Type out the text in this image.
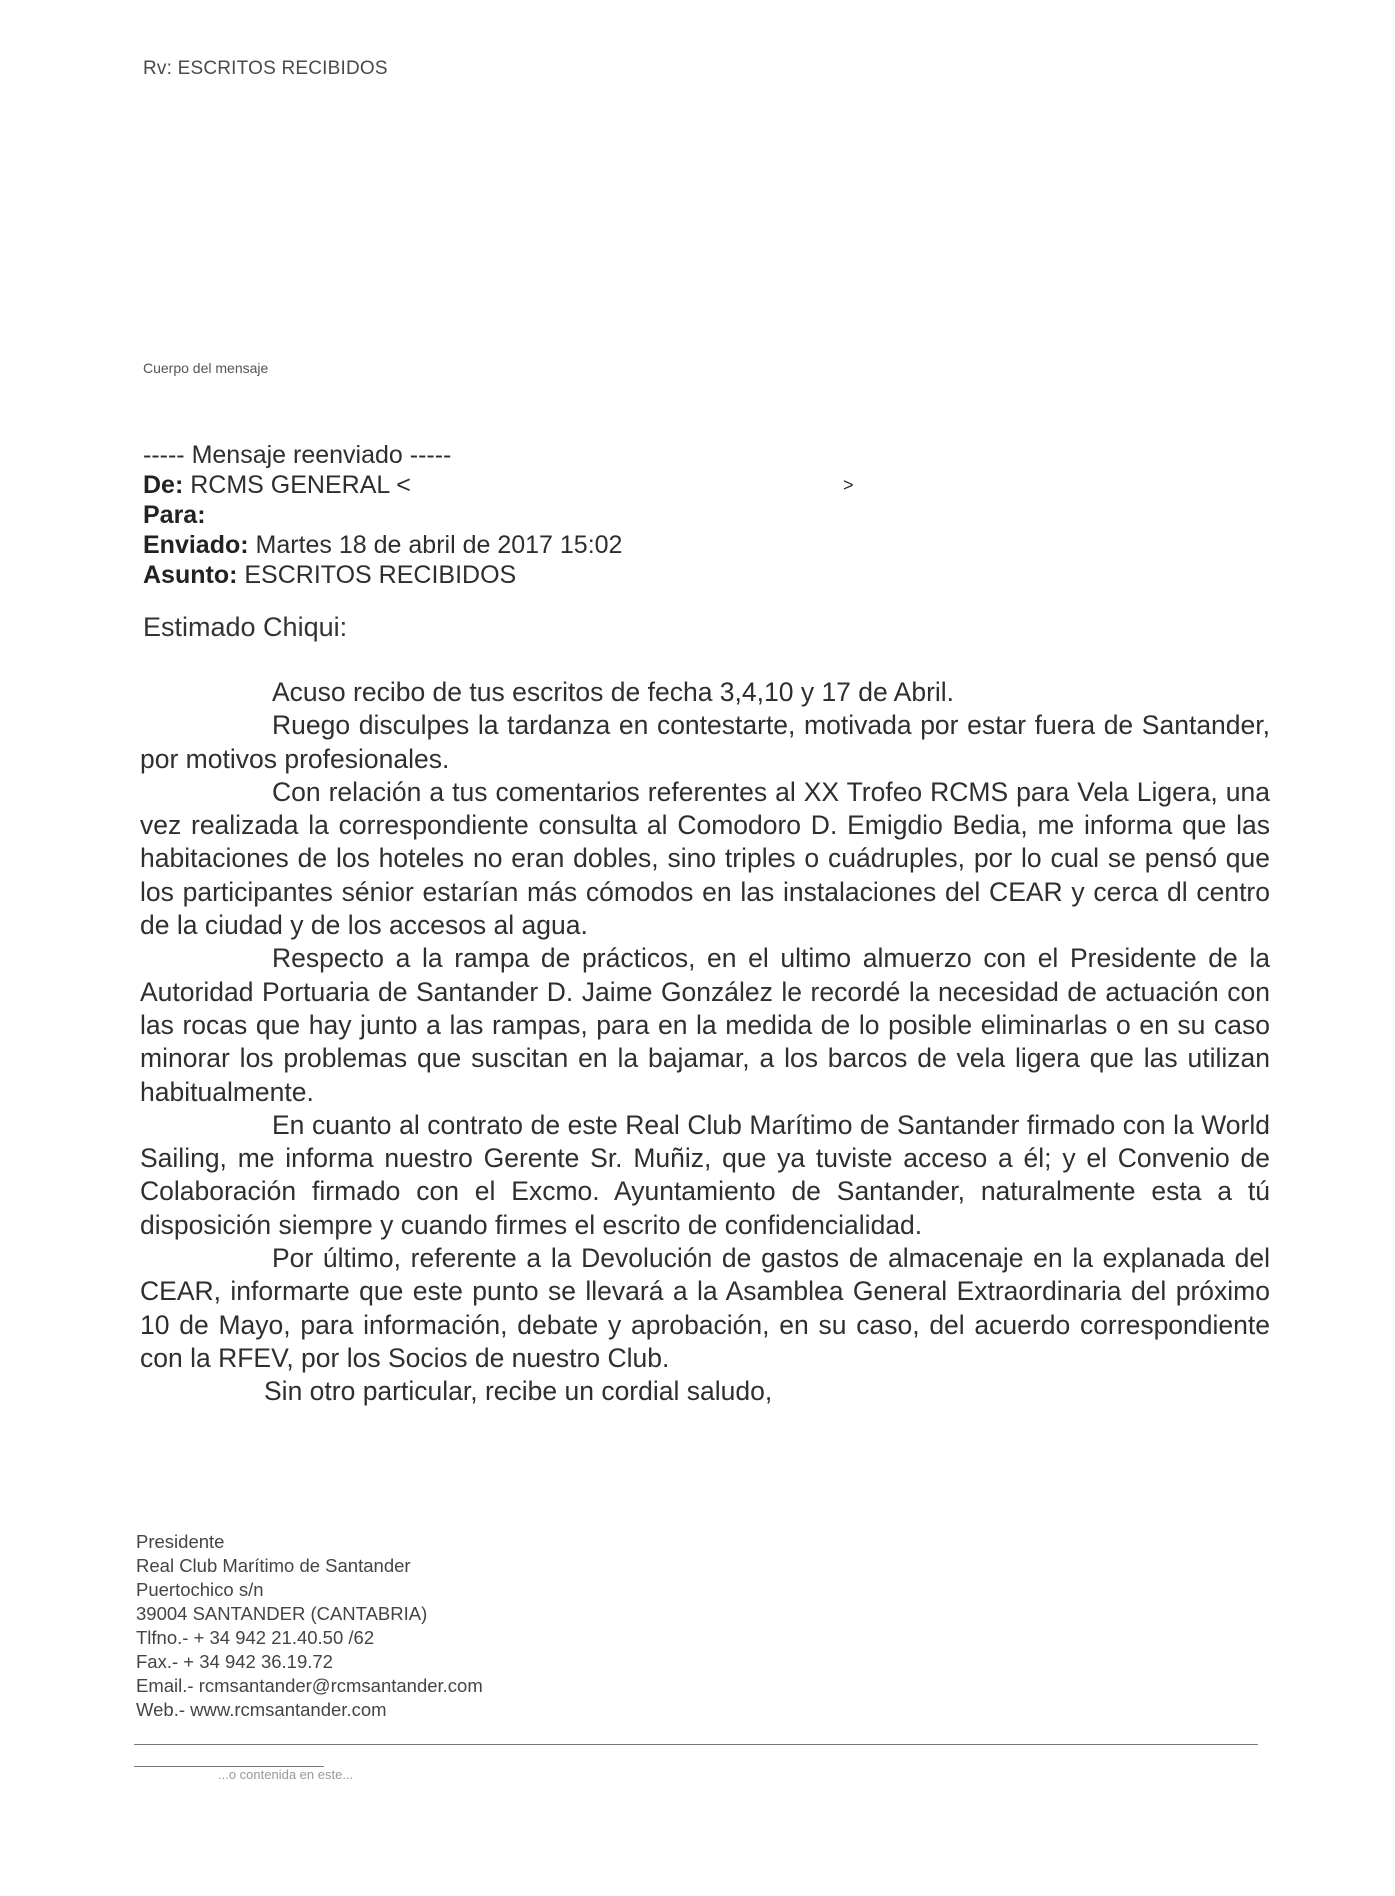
Rv: ESCRITOS RECIBIDOS
Cuerpo del mensaje
----- Mensaje reenviado -----
De: RCMS GENERAL <	>
Para:
Enviado: Martes 18 de abril de 2017 15:02
Asunto: ESCRITOS RECIBIDOS
Estimado Chiqui:

Acuso recibo de tus escritos de fecha 3,4,10 y 17 de Abril.

Ruego disculpes la tardanza en contestarte, motivada por estar fuera de Santander, por motivos profesionales.

Con relación a tus comentarios referentes al XX Trofeo RCMS para Vela Ligera, una vez realizada la correspondiente consulta al Comodoro D. Emigdio Bedia, me informa que las habitaciones de los hoteles no eran dobles, sino triples o cuádruples, por lo cual se pensó que los participantes sénior estarían más cómodos en las instalaciones del CEAR y cerca dl centro de la ciudad y de los accesos al agua.

Respecto a la rampa de prácticos, en el ultimo almuerzo con el Presidente de la Autoridad Portuaria de Santander D. Jaime González le recordé la necesidad de actuación con las rocas que hay junto a las rampas, para en la medida de lo posible eliminarlas o en su caso minorar los problemas que suscitan en la bajamar, a los barcos de vela ligera que las utilizan habitualmente.

En cuanto al contrato de este Real Club Marítimo de Santander firmado con la World Sailing, me informa nuestro Gerente Sr. Muñiz, que ya tuviste acceso a él; y el Convenio de Colaboración firmado con el Excmo. Ayuntamiento de Santander, naturalmente esta a tú disposición siempre y cuando firmes el escrito de confidencialidad.

Por último, referente a la Devolución de gastos de almacenaje en la explanada del CEAR, informarte que este punto se llevará a la Asamblea General Extraordinaria del próximo 10 de Mayo, para información, debate y aprobación, en su caso, del acuerdo correspondiente con la RFEV, por los Socios de nuestro Club.

Sin otro particular, recibe un cordial saludo,

Presidente
Real Club Marítimo de Santander
Puertochico s/n
39004 SANTANDER (CANTABRIA)
Tlfno.- + 34 942 21.40.50 /62
Fax.- + 34 942 36.19.72
Email.- rcmsantander@rcmsantander.com
Web.- www.rcmsantander.com
...o contenida en este...
